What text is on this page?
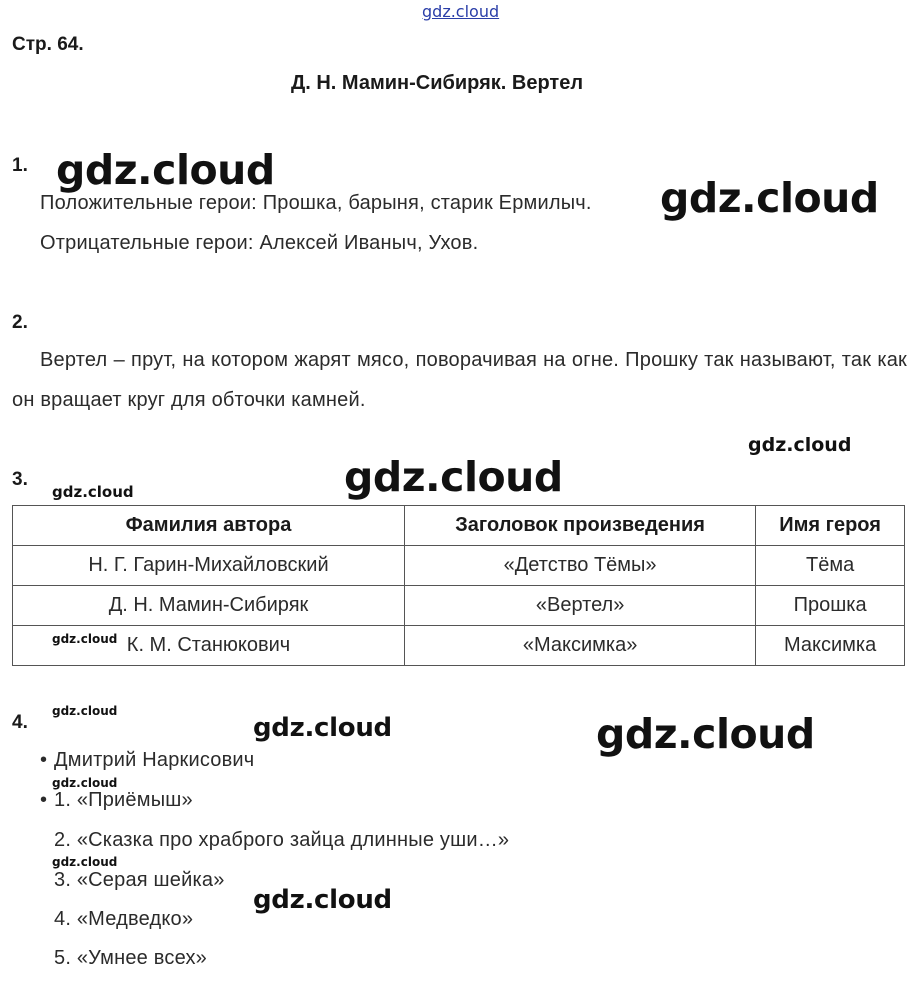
gdz.cloud
Стр. 64.
Д. Н. Мамин-Сибиряк. Вертел
1. gdz.cloud
Положительные герои: Прошка, барыня, старик Ермилыч. gdz.cloud
Отрицательные герои: Алексей Иваныч, Ухов.
2.
Вертел – прут, на котором жарят мясо, поворачивая на огне. Прошку так называют, так как он вращает круг для обточки камней.
gdz.cloud
3.
gdz.cloud	gdz.cloud
Фамилия автора	Заголовок произведения	Имя героя
Н. Г. Гарин-Михайловский	«Детство Тёмы»	Тёма
Д. Н. Мамин-Сибиряк	«Вертел»	Прошка
К. М. Станюкович	«Максимка»	Максимка
gdz.cloud
4.
gdz.cloud
gdz.cloud	gdz.cloud
• Дмитрий Наркисович
gdz.cloud
• 1. «Приёмыш»
2. «Сказка про храброго зайца длинные уши…»
gdz.cloud
3. «Серая шейка»
gdz.cloud
4. «Медведко»
5. «Умнее всех»
